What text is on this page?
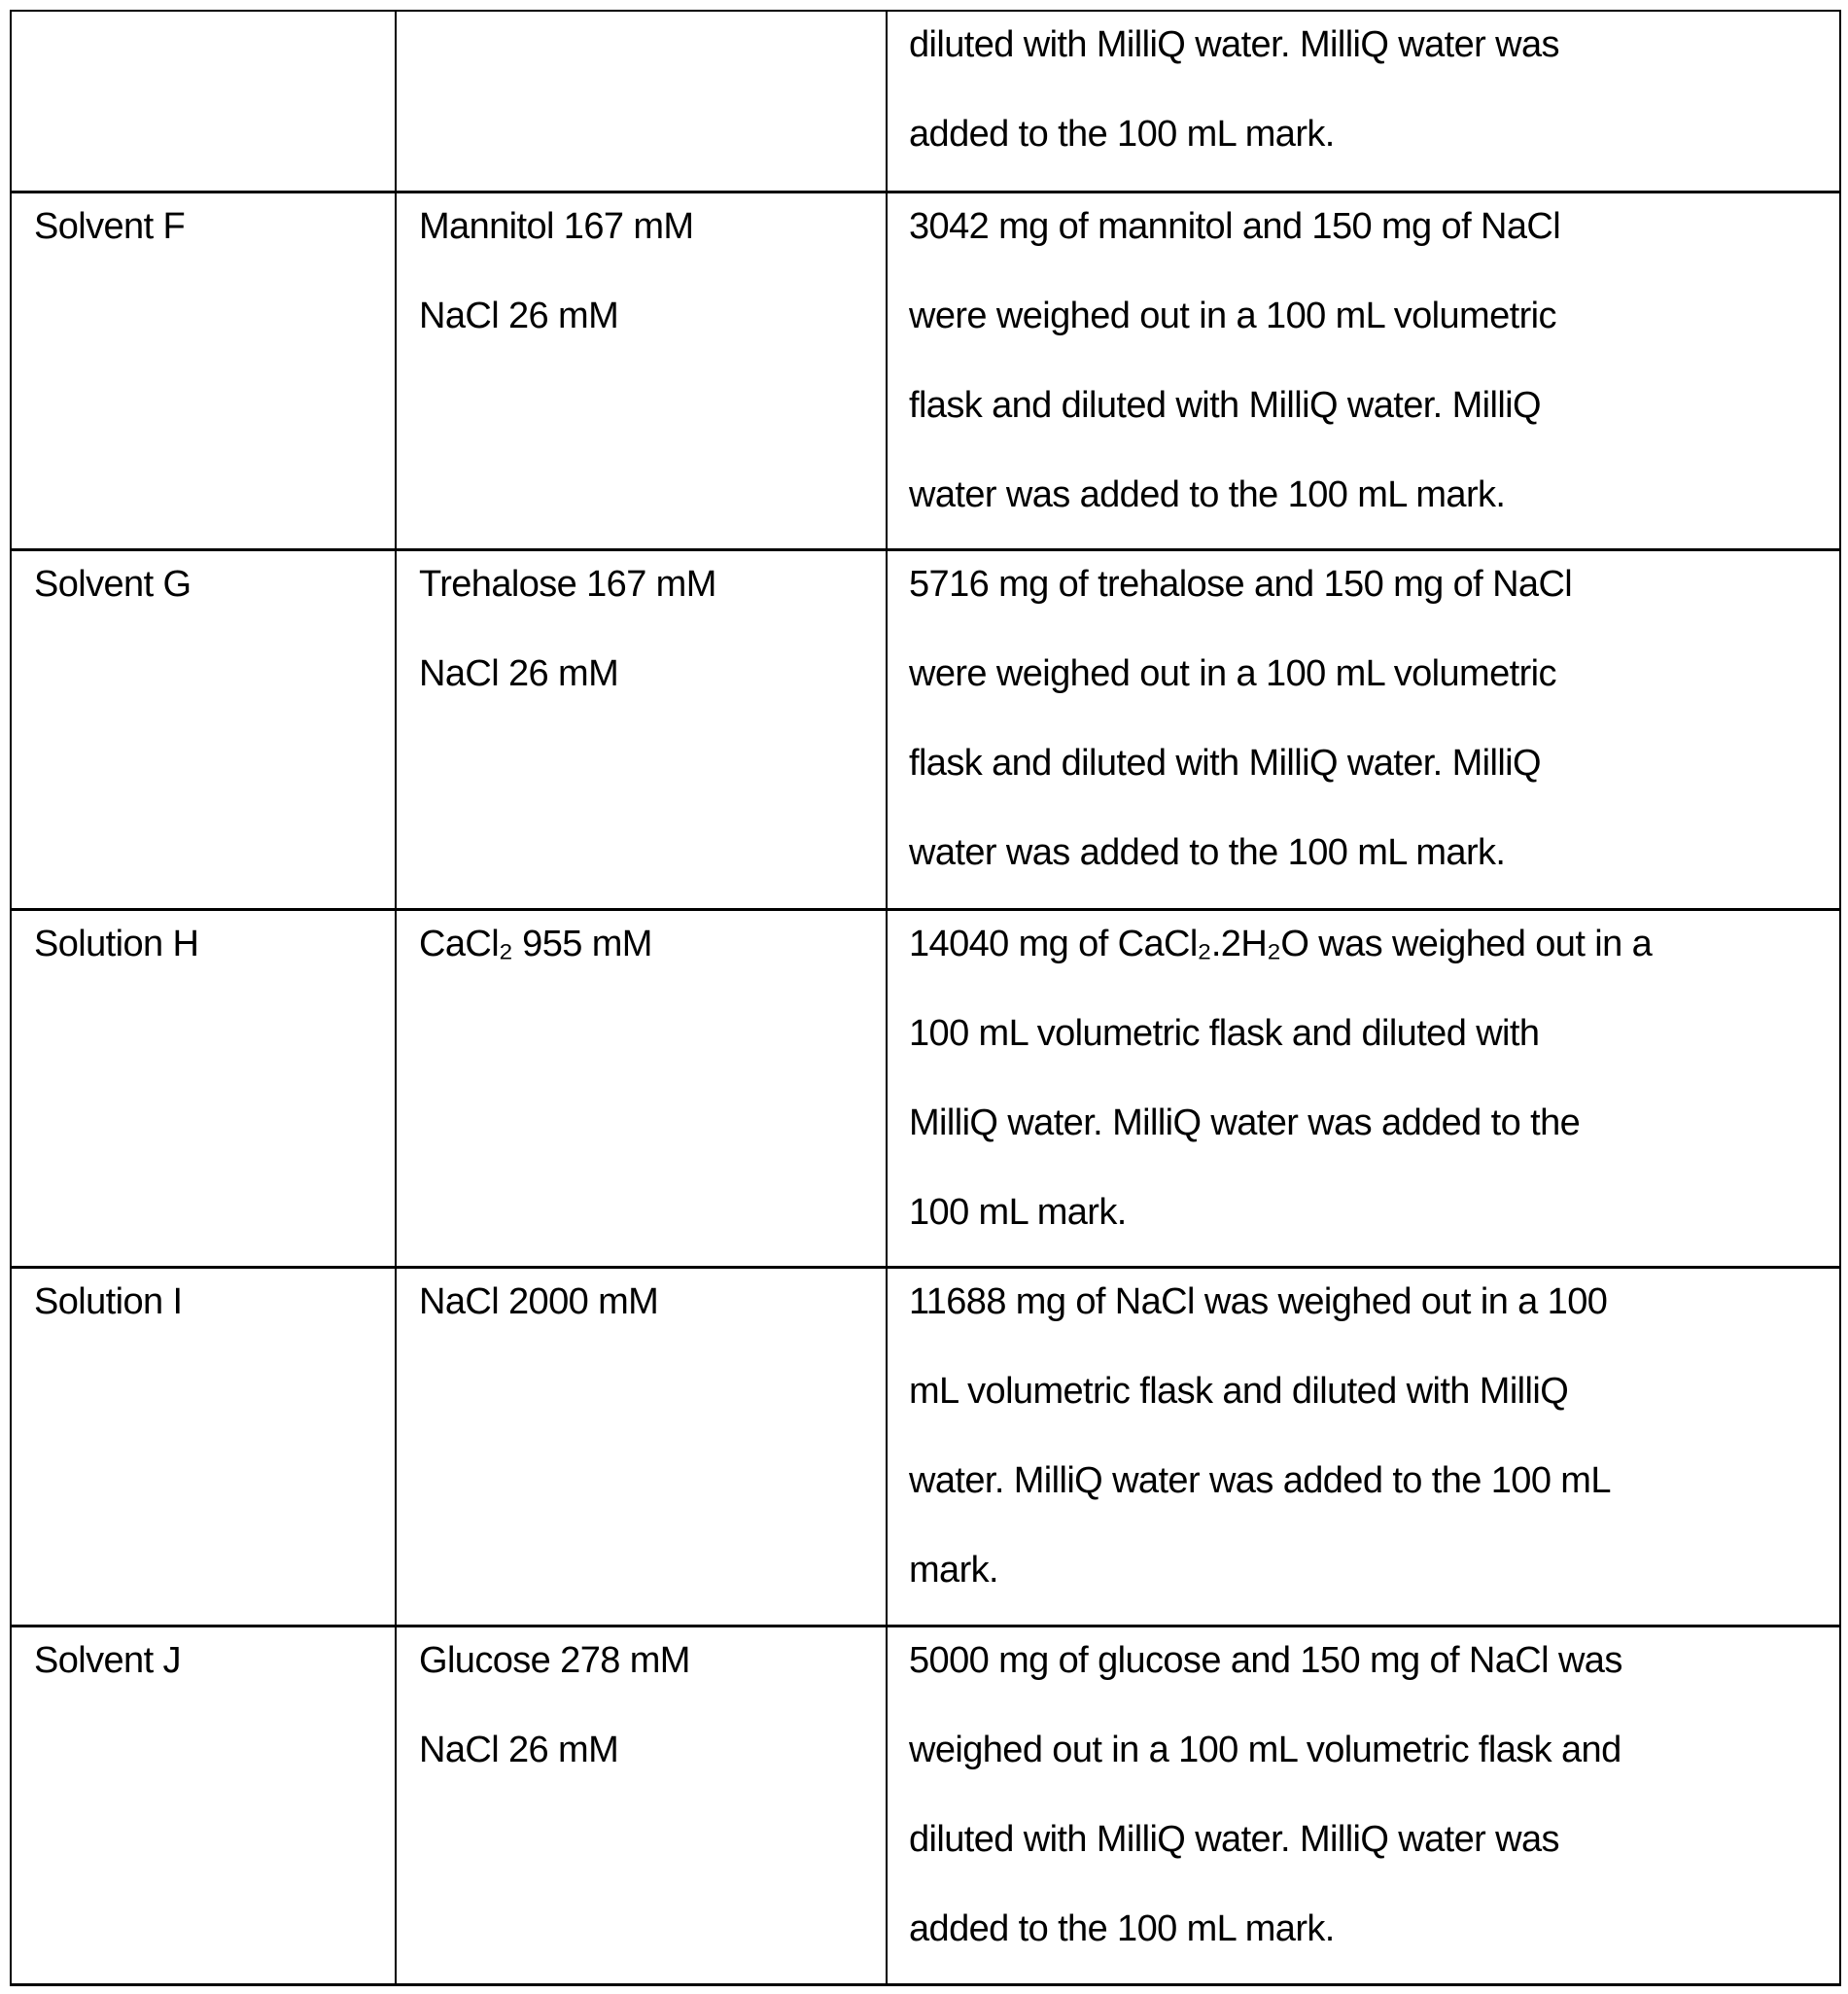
diluted with MilliQ water. MilliQ water was
added to the 100 mL mark.
Solvent F	Mannitol 167 mM
NaCl 26 mM
3042 mg of mannitol and 150 mg of NaCl
were weighed out in a 100 mL volumetric
flask and diluted with MilliQ water. MilliQ
water was added to the 100 mL mark.
Solvent G	Trehalose 167 mM
NaCl 26 mM
5716 mg of trehalose and 150 mg of NaCl
were weighed out in a 100 mL volumetric
flask and diluted with MilliQ water. MilliQ
water was added to the 100 mL mark.
Solution H	CaCl₂ 955 mM	14040 mg of CaCl₂.2H₂O was weighed out in a
100 mL volumetric flask and diluted with
MilliQ water. MilliQ water was added to the
100 mL mark.
Solution I	NaCl 2000 mM	11688 mg of NaCl was weighed out in a 100
mL volumetric flask and diluted with MilliQ
water. MilliQ water was added to the 100 mL
mark.
Solvent J	Glucose 278 mM
NaCl 26 mM
5000 mg of glucose and 150 mg of NaCl was
weighed out in a 100 mL volumetric flask and
diluted with MilliQ water. MilliQ water was
added to the 100 mL mark.
